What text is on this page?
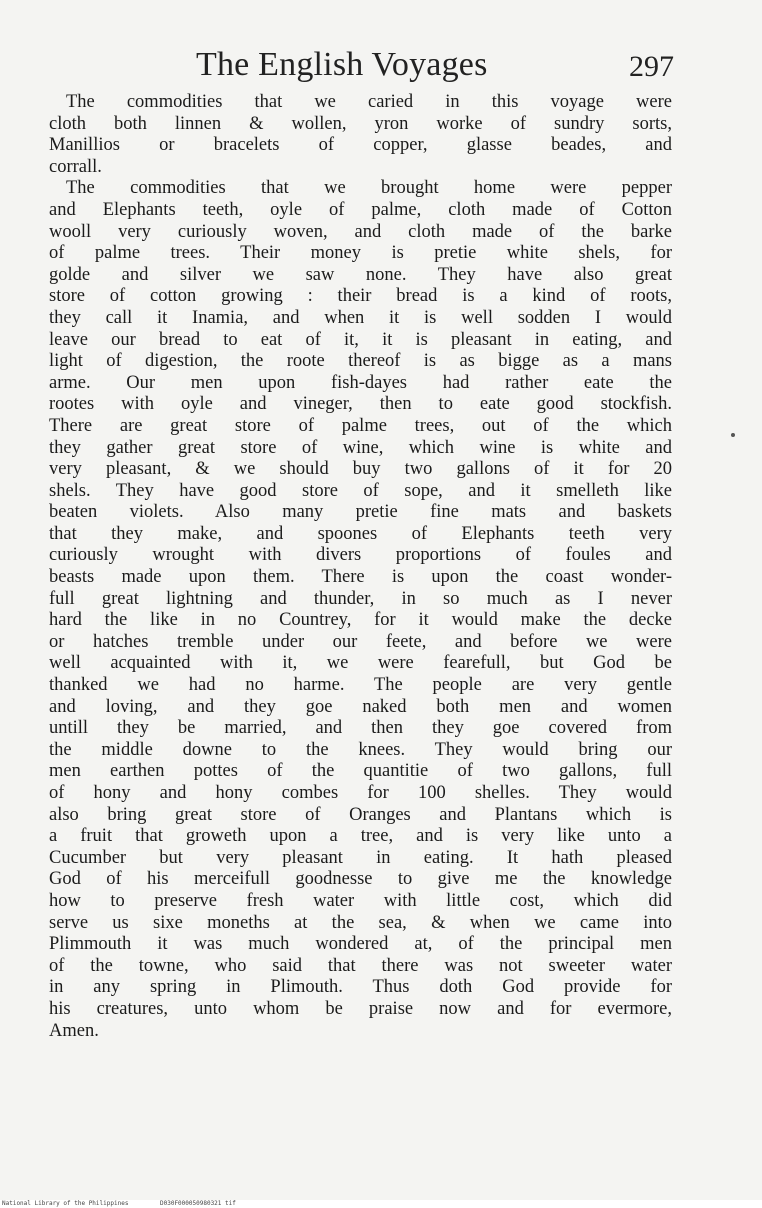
The English Voyages	297
The commodities that we caried in this voyage were
cloth both linnen & wollen, yron worke of sundry sorts,
Manillios or bracelets of copper, glasse beades, and
corrall.
The commodities that we brought home were pepper
and Elephants teeth, oyle of palme, cloth made of Cotton
wooll very curiously woven, and cloth made of the barke
of palme trees. Their money is pretie white shels, for
golde and silver we saw none. They have also great
store of cotton growing : their bread is a kind of roots,
they call it Inamia, and when it is well sodden I would
leave our bread to eat of it, it is pleasant in eating, and
light of digestion, the roote thereof is as bigge as a mans
arme. Our men upon fish-dayes had rather eate the
rootes with oyle and vineger, then to eate good stockfish.
There are great store of palme trees, out of the which
they gather great store of wine, which wine is white and
very pleasant, & we should buy two gallons of it for 20
shels. They have good store of sope, and it smelleth like
beaten violets. Also many pretie fine mats and baskets
that they make, and spoones of Elephants teeth very
curiously wrought with divers proportions of foules and
beasts made upon them. There is upon the coast wonder-
full great lightning and thunder, in so much as I never
hard the like in no Countrey, for it would make the decke
or hatches tremble under our feete, and before we were
well acquainted with it, we were fearefull, but God be
thanked we had no harme. The people are very gentle
and loving, and they goe naked both men and women
untill they be married, and then they goe covered from
the middle downe to the knees. They would bring our
men earthen pottes of the quantitie of two gallons, full
of hony and hony combes for 100 shelles. They would
also bring great store of Oranges and Plantans which is
a fruit that groweth upon a tree, and is very like unto a
Cucumber but very pleasant in eating. It hath pleased
God of his merceifull goodnesse to give me the knowledge
how to preserve fresh water with little cost, which did
serve us sixe moneths at the sea, & when we came into
Plimmouth it was much wondered at, of the principal men
of the towne, who said that there was not sweeter water
in any spring in Plimouth. Thus doth God provide for
his creatures, unto whom be praise now and for evermore,
Amen.
National Library of the Philippines	D030F000050980321 tif
